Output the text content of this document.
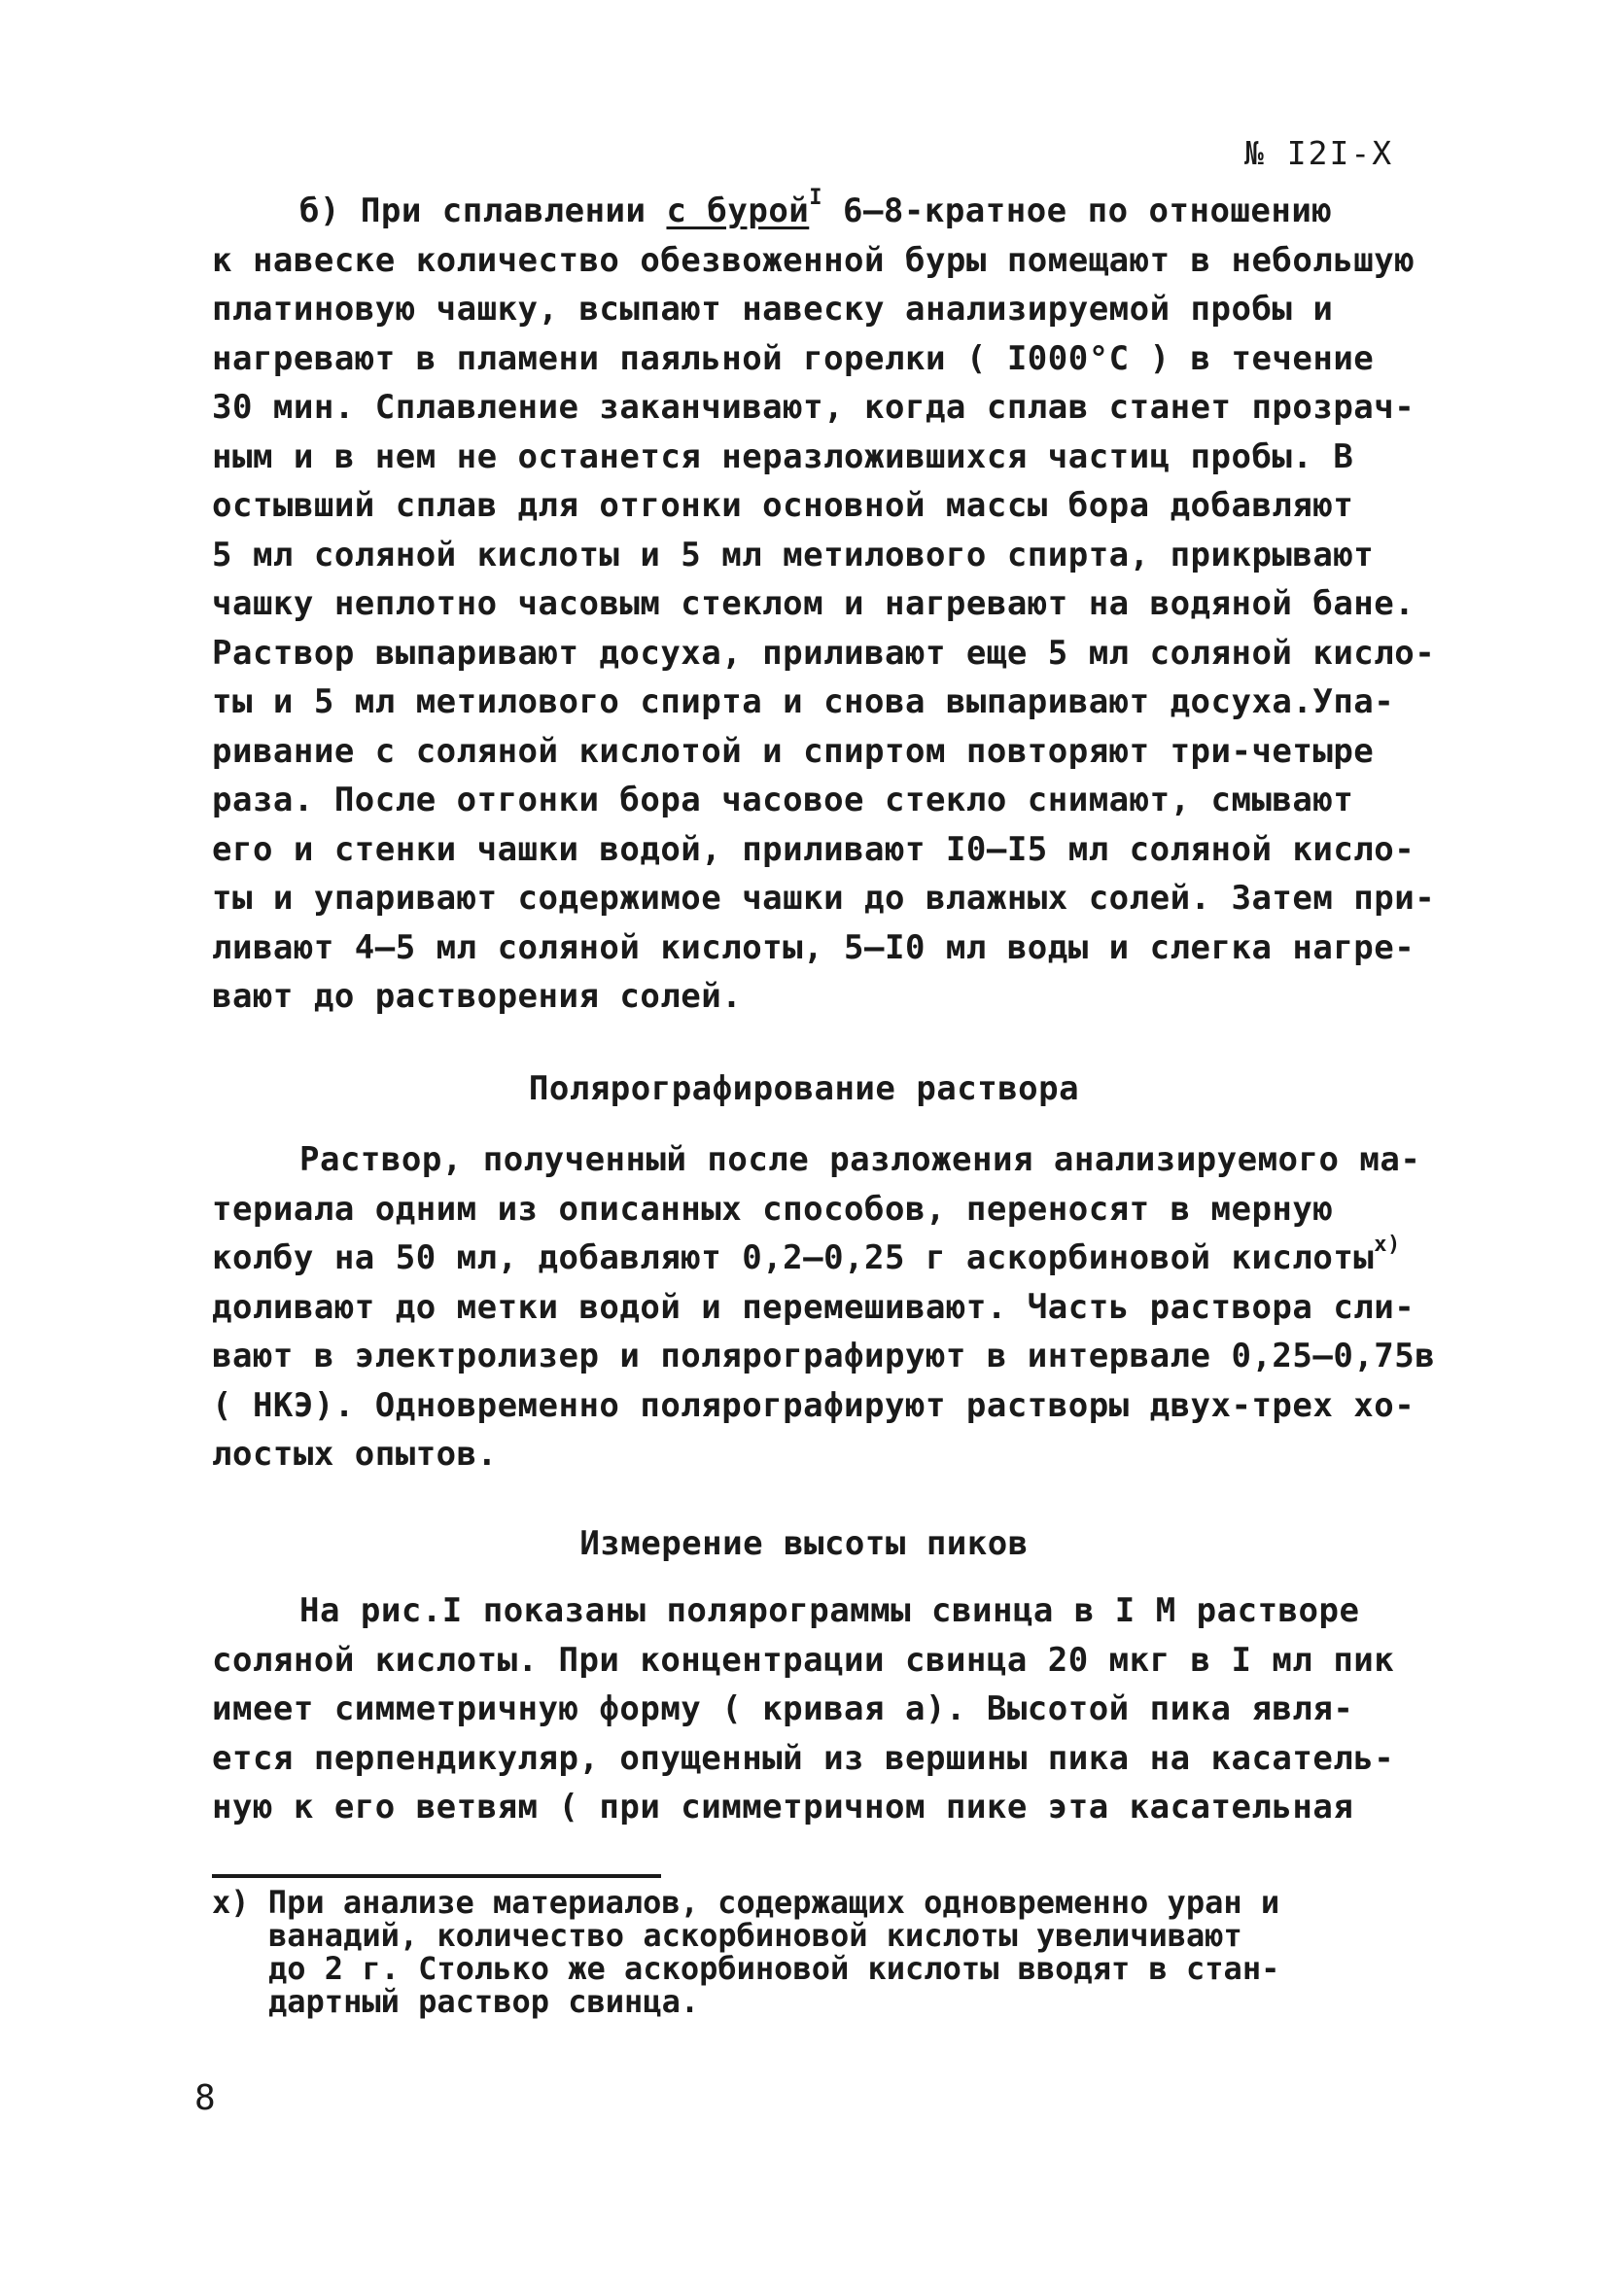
№ I2I-X
б) При сплавлении с бурой$^I$ 6–8-кратное по отношению
к навеске количество обезвоженной буры помещают в небольшую
платиновую чашку, всыпают навеску анализируемой пробы и
нагревают в пламени паяльной горелки ( I000°С ) в течение
30 мин. Сплавление заканчивают, когда сплав станет прозрач-
ным и в нем не останется неразложившихся частиц пробы. В
остывший сплав для отгонки основной массы бора добавляют
5 мл соляной кислоты и 5 мл метилового спирта, прикрывают
чашку неплотно часовым стеклом и нагревают на водяной бане.
Раствор выпаривают досуха, приливают еще 5 мл соляной кисло-
ты и 5 мл метилового спирта и снова выпаривают досуха.Упа-
ривание с соляной кислотой и спиртом повторяют три-четыре
раза. После отгонки бора часовое стекло снимают, смывают
его и стенки чашки водой, приливают I0–I5 мл соляной кисло-
ты и упаривают содержимое чашки до влажных солей. Затем при-
ливают 4–5 мл соляной кислоты, 5–I0 мл воды и слегка нагре-
вают до растворения солей.
Полярографирование раствора
Раствор, полученный после разложения анализируемого ма-
териала одним из описанных способов, переносят в мерную
колбу на 50 мл, добавляют 0,2–0,25 г аскорбиновой кислоты$^{x)}$
доливают до метки водой и перемешивают. Часть раствора сли-
вают в электролизер и полярографируют в интервале 0,25–0,75в
( НКЭ). Одновременно полярографируют растворы двух-трех хо-
лостых опытов.
Измерение высоты пиков
На рис.I показаны полярограммы свинца в I М растворе
соляной кислоты. При концентрации свинца 20 мкг в I мл пик
имеет симметричную форму ( кривая а). Высотой пика явля-
ется перпендикуляр, опущенный из вершины пика на касатель-
ную к его ветвям ( при симметричном пике эта касательная
x) При анализе материалов, содержащих одновременно уран и
ванадий, количество аскорбиновой кислоты увеличивают
до 2 г. Столько же аскорбиновой кислоты вводят в стан-
дартный раствор свинца.
8
